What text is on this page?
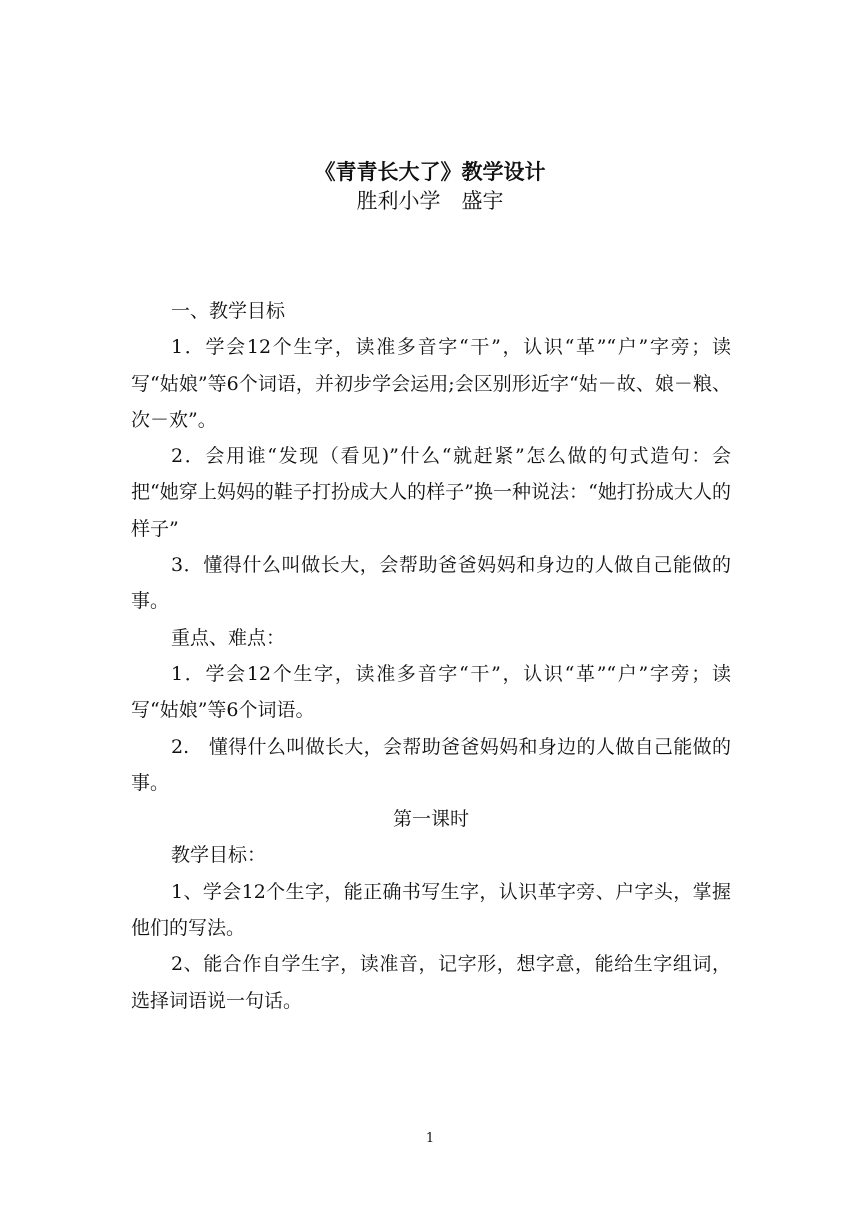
《青青长大了》教学设计
胜利小学　盛宇

一、教学目标

1．学会12个生字，读准多音字“干”，认识“革”“户”字旁；读写“姑娘”等6个词语，并初步学会运用;会区别形近字“姑－故、娘－粮、次－欢”。

2．会用谁“发现（看见)”什么“就赶紧”怎么做的句式造句：会把“她穿上妈妈的鞋子打扮成大人的样子”换一种说法：“她打扮成大人的样子”

3．懂得什么叫做长大，会帮助爸爸妈妈和身边的人做自己能做的事。

重点、难点：

1．学会12个生字，读准多音字“干”，认识“革”“户”字旁；读写“姑娘”等6个词语。

2.　懂得什么叫做长大，会帮助爸爸妈妈和身边的人做自己能做的事。

第一课时

教学目标：

1、学会12个生字，能正确书写生字，认识革字旁、户字头，掌握他们的写法。

2、能合作自学生字，读准音，记字形，想字意，能给生字组词，选择词语说一句话。

1
